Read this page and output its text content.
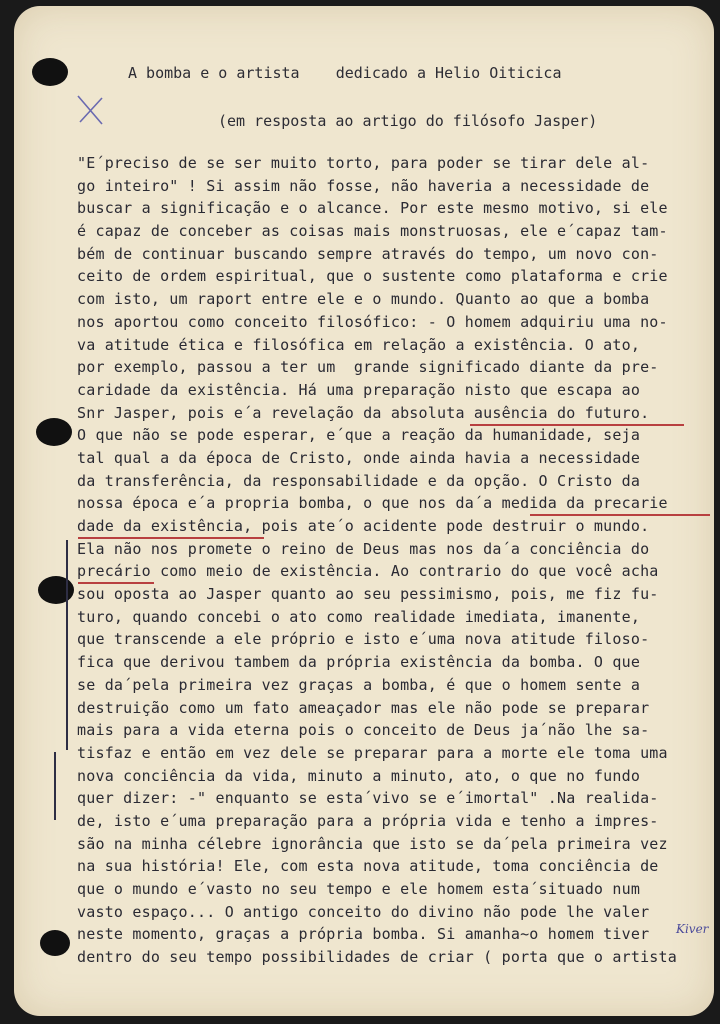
A bomba e o artista dedicado a Helio Oiticica
(em resposta ao artigo do filósofo Jasper)
"E´preciso de se ser muito torto, para poder se tirar dele al-
go inteiro" ! Si assim não fosse, não haveria a necessidade de
buscar a significação e o alcance. Por este mesmo motivo, si ele
é capaz de conceber as coisas mais monstruosas, ele e´capaz tam-
bém de continuar buscando sempre através do tempo, um novo con-
ceito de ordem espiritual, que o sustente como plataforma e crie
com isto, um raport entre ele e o mundo. Quanto ao que a bomba
nos aportou como conceito filosófico: - O homem adquiriu uma no-
va atitude ética e filosófica em relação a existência. O ato,
por exemplo, passou a ter um  grande significado diante da pre-
caridade da existência. Há uma preparação nisto que escapa ao
Snr Jasper, pois e´a revelação da absoluta ausência do futuro.
O que não se pode esperar, e´que a reação da humanidade, seja
tal qual a da época de Cristo, onde ainda havia a necessidade
da transferência, da responsabilidade e da opção. O Cristo da
nossa época e´a propria bomba, o que nos da´a medida da precarie
dade da existência, pois ate´o acidente pode destruir o mundo.
Ela não nos promete o reino de Deus mas nos da´a conciência do
precário como meio de existência. Ao contrario do que você acha
sou oposta ao Jasper quanto ao seu pessimismo, pois, me fiz fu-
turo, quando concebi o ato como realidade imediata, imanente,
que transcende a ele próprio e isto e´uma nova atitude filoso-
fica que derivou tambem da própria existência da bomba. O que
se da´pela primeira vez graças a bomba, é que o homem sente a
destruição como um fato ameaçador mas ele não pode se preparar
mais para a vida eterna pois o conceito de Deus ja´não lhe sa-
tisfaz e então em vez dele se preparar para a morte ele toma uma
nova conciência da vida, minuto a minuto, ato, o que no fundo
quer dizer: -" enquanto se esta´vivo se e´imortal" .Na realida-
de, isto e´uma preparação para a própria vida e tenho a impres-
são na minha célebre ignorância que isto se da´pela primeira vez
na sua história! Ele, com esta nova atitude, toma conciência de
que o mundo e´vasto no seu tempo e ele homem esta´situado num
vasto espaço... O antigo conceito do divino não pode lhe valer
neste momento, graças a própria bomba. Si amanha~o homem tiver
dentro do seu tempo possibilidades de criar ( porta que o artista
Kiver
